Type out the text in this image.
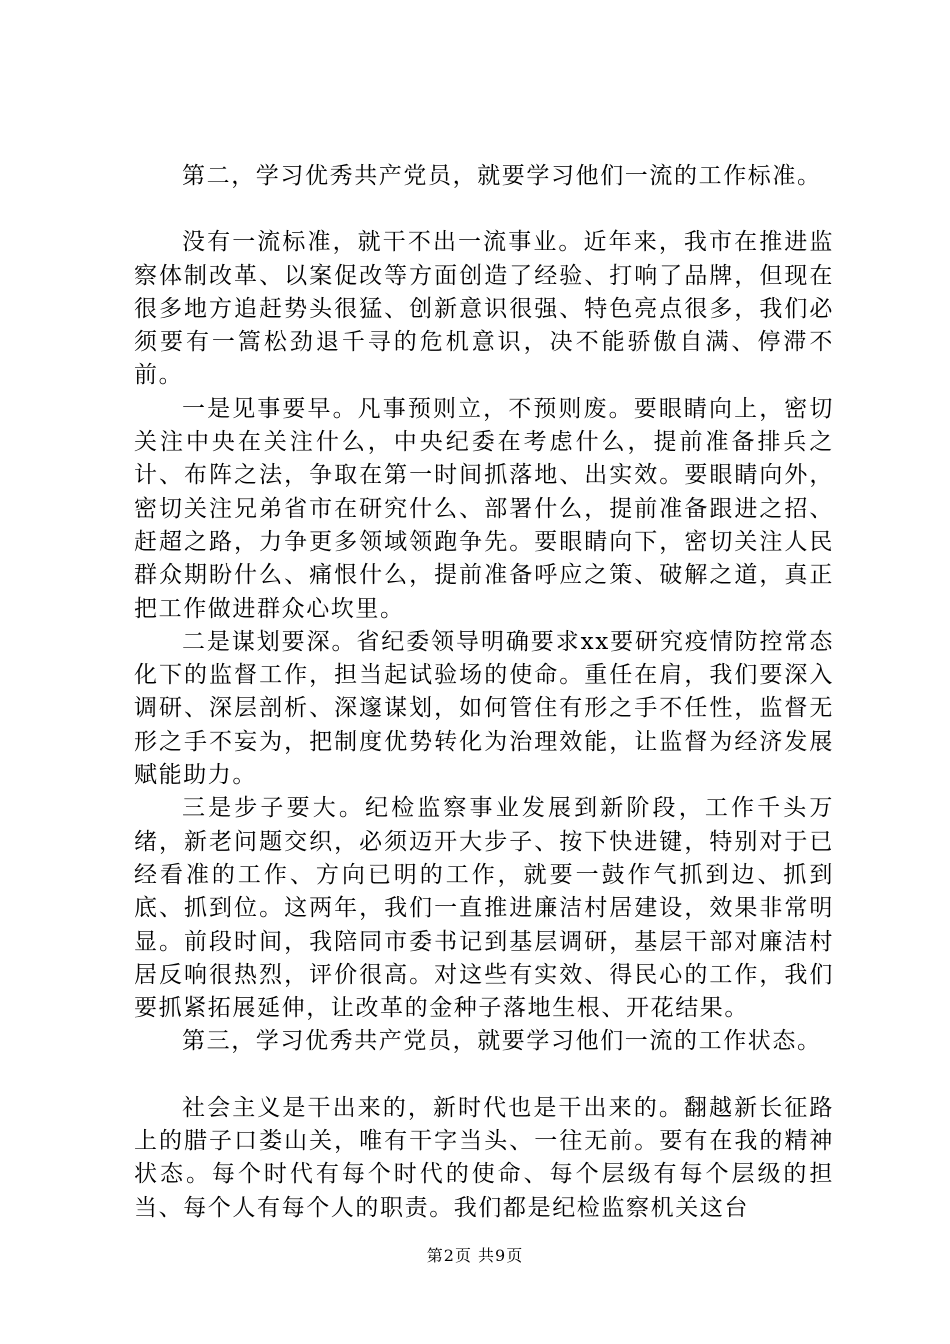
第二，学习优秀共产党员，就要学习他们一流的工作标准。

没有一流标准，就干不出一流事业。近年来，我市在推进监察体制改革、以案促改等方面创造了经验、打响了品牌，但现在很多地方追赶势头很猛、创新意识很强、特色亮点很多，我们必须要有一篙松劲退千寻的危机意识，决不能骄傲自满、停滞不前。

一是见事要早。凡事预则立，不预则废。要眼睛向上，密切关注中央在关注什么，中央纪委在考虑什么，提前准备排兵之计、布阵之法，争取在第一时间抓落地、出实效。要眼睛向外，密切关注兄弟省市在研究什么、部署什么，提前准备跟进之招、赶超之路，力争更多领域领跑争先。要眼睛向下，密切关注人民群众期盼什么、痛恨什么，提前准备呼应之策、破解之道，真正把工作做进群众心坎里。

二是谋划要深。省纪委领导明确要求xx要研究疫情防控常态化下的监督工作，担当起试验场的使命。重任在肩，我们要深入调研、深层剖析、深邃谋划，如何管住有形之手不任性，监督无形之手不妄为，把制度优势转化为治理效能，让监督为经济发展赋能助力。

三是步子要大。纪检监察事业发展到新阶段，工作千头万绪，新老问题交织，必须迈开大步子、按下快进键，特别对于已经看准的工作、方向已明的工作，就要一鼓作气抓到边、抓到底、抓到位。这两年，我们一直推进廉洁村居建设，效果非常明显。前段时间，我陪同市委书记到基层调研，基层干部对廉洁村居反响很热烈，评价很高。对这些有实效、得民心的工作，我们要抓紧拓展延伸，让改革的金种子落地生根、开花结果。

第三，学习优秀共产党员，就要学习他们一流的工作状态。

社会主义是干出来的，新时代也是干出来的。翻越新长征路上的腊子口娄山关，唯有干字当头、一往无前。要有在我的精神状态。每个时代有每个时代的使命、每个层级有每个层级的担当、每个人有每个人的职责。我们都是纪检监察机关这台

第2页 共9页
